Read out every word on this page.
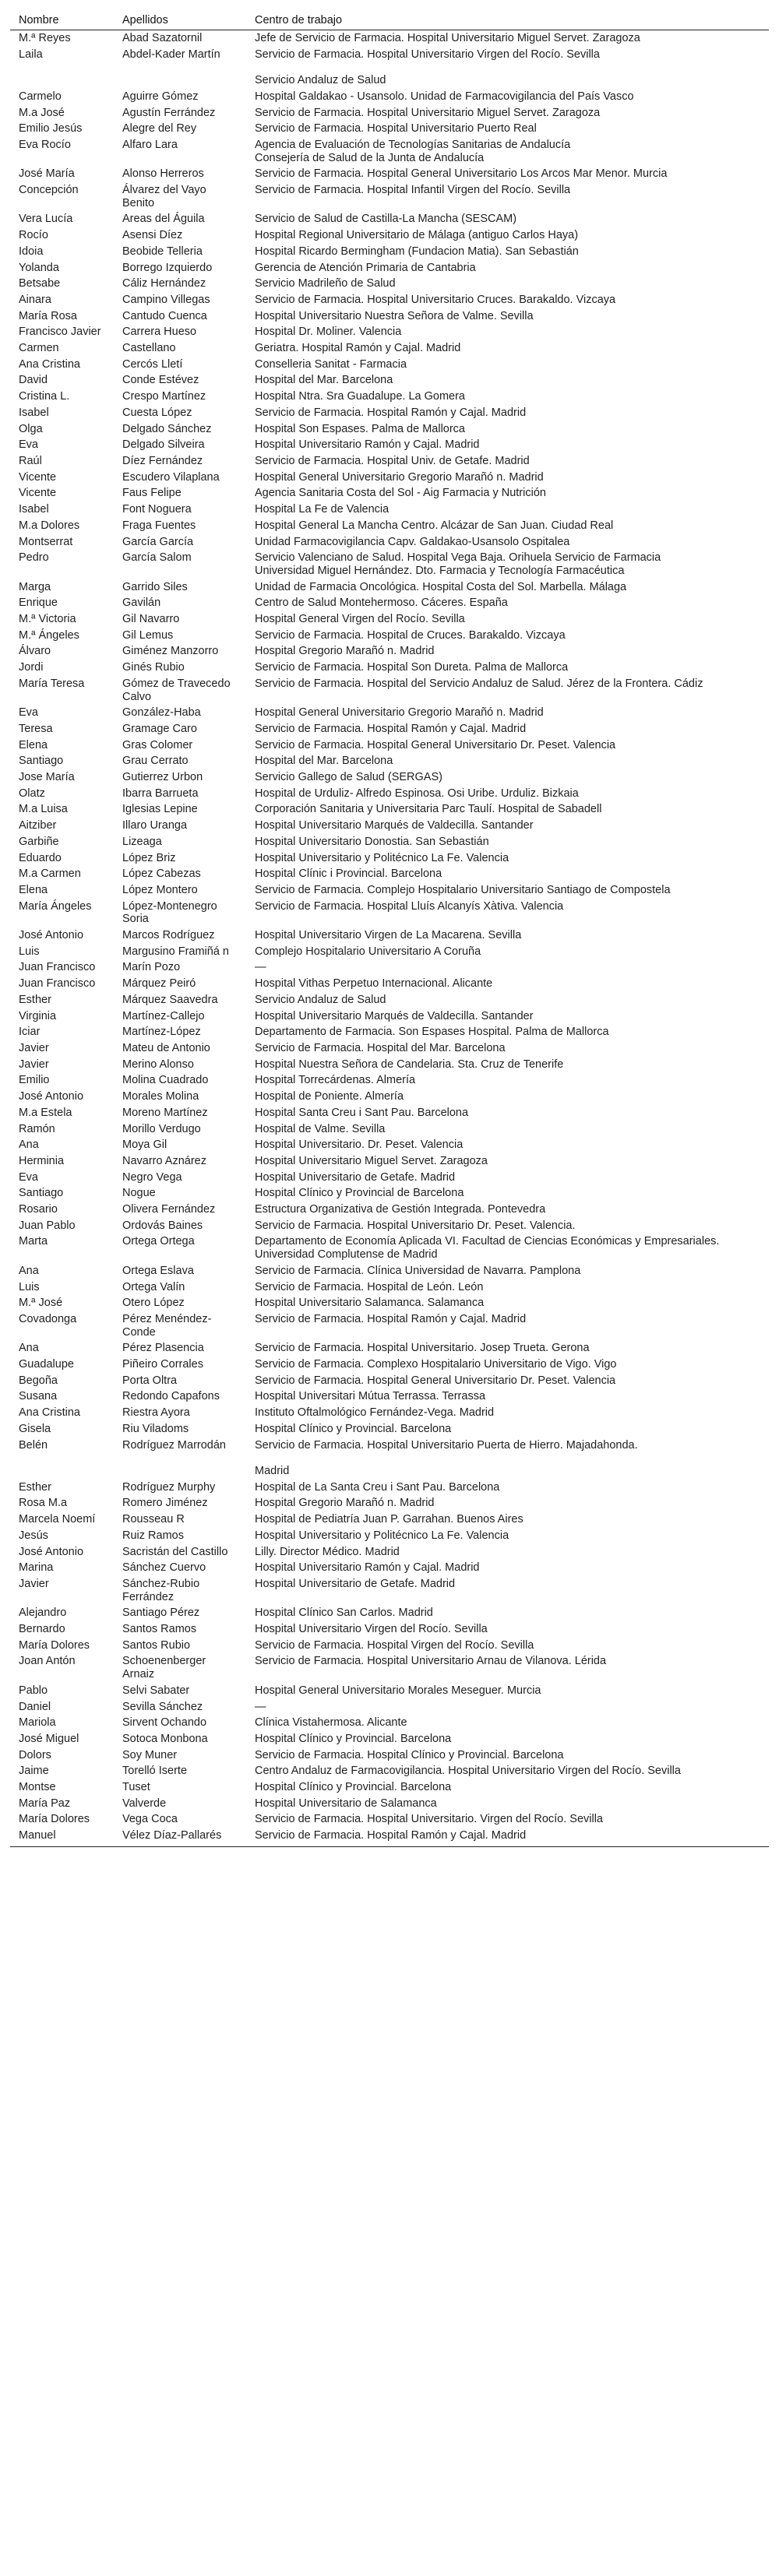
Nombre	Apellidos	Centro de trabajo
M.ª Reyes	Abad Sazatornil	Jefe de Servicio de Farmacia. Hospital Universitario Miguel Servet. Zaragoza
Laila	Abdel-Kader Martín	Servicio de Farmacia. Hospital Universitario Virgen del Rocío. Sevilla

Servicio Andaluz de Salud
Carmelo	Aguirre Gómez	Hospital Galdakao - Usansolo. Unidad de Farmacovigilancia del País Vasco
M.a José	Agustín Ferrández	Servicio de Farmacia. Hospital Universitario Miguel Servet. Zaragoza
Emilio Jesús	Alegre del Rey	Servicio de Farmacia. Hospital Universitario Puerto Real
Eva Rocío	Alfaro Lara	Agencia de Evaluación de Tecnologías Sanitarias de Andalucía
Consejería de Salud de la Junta de Andalucía
José María	Alonso Herreros	Servicio de Farmacia. Hospital General Universitario Los Arcos Mar Menor. Murcia
Concepción	Álvarez del Vayo Benito	Servicio de Farmacia. Hospital Infantil Virgen del Rocío. Sevilla
Vera Lucía	Areas del Águila	Servicio de Salud de Castilla-La Mancha (SESCAM)
Rocío	Asensi Díez	Hospital Regional Universitario de Málaga (antiguo Carlos Haya)
Idoia	Beobide Telleria	Hospital Ricardo Bermingham (Fundacion Matia). San Sebastián
Yolanda	Borrego Izquierdo	Gerencia de Atención Primaria de Cantabria
Betsabe	Cáliz Hernández	Servicio Madrileño de Salud
Ainara	Campino Villegas	Servicio de Farmacia. Hospital Universitario Cruces. Barakaldo. Vizcaya
María Rosa	Cantudo Cuenca	Hospital Universitario Nuestra Señora de Valme. Sevilla
Francisco Javier	Carrera Hueso	Hospital Dr. Moliner. Valencia
Carmen	Castellano	Geriatra. Hospital Ramón y Cajal. Madrid
Ana Cristina	Cercós Lletí	Conselleria Sanitat - Farmacia
David	Conde Estévez	Hospital del Mar. Barcelona
Cristina L.	Crespo Martínez	Hospital Ntra. Sra Guadalupe. La Gomera
Isabel	Cuesta López	Servicio de Farmacia. Hospital Ramón y Cajal. Madrid
Olga	Delgado Sánchez	Hospital Son Espases. Palma de Mallorca
Eva	Delgado Silveira	Hospital Universitario Ramón y Cajal. Madrid
Raúl	Díez Fernández	Servicio de Farmacia. Hospital Univ. de Getafe. Madrid
Vicente	Escudero Vilaplana	Hospital General Universitario Gregorio Marañó n. Madrid
Vicente	Faus Felipe	Agencia Sanitaria Costa del Sol - Aig Farmacia y Nutrición
Isabel	Font Noguera	Hospital La Fe de Valencia
M.a Dolores	Fraga Fuentes	Hospital General La Mancha Centro. Alcázar de San Juan. Ciudad Real
Montserrat	García García	Unidad Farmacovigilancia Capv. Galdakao-Usansolo Ospitalea
Pedro	García Salom	Servicio Valenciano de Salud. Hospital Vega Baja. Orihuela Servicio de Farmacia
Universidad Miguel Hernández. Dto. Farmacia y Tecnología Farmacéutica
Marga	Garrido Siles	Unidad de Farmacia Oncológica. Hospital Costa del Sol. Marbella. Málaga
Enrique	Gavilán	Centro de Salud Montehermoso. Cáceres. España
M.ª Victoria	Gil Navarro	Hospital General Virgen del Rocío. Sevilla
M.ª Ángeles	Gil Lemus	Servicio de Farmacia. Hospital de Cruces. Barakaldo. Vizcaya
Álvaro	Giménez Manzorro	Hospital Gregorio Marañó n. Madrid
Jordi	Ginés Rubio	Servicio de Farmacia. Hospital Son Dureta. Palma de Mallorca
María Teresa	Gómez de Travecedo Calvo	Servicio de Farmacia. Hospital del Servicio Andaluz de Salud. Jérez de la Frontera. Cádiz
Eva	González-Haba	Hospital General Universitario Gregorio Marañó n. Madrid
Teresa	Gramage Caro	Servicio de Farmacia. Hospital Ramón y Cajal. Madrid
Elena	Gras Colomer	Servicio de Farmacia. Hospital General Universitario Dr. Peset. Valencia
Santiago	Grau Cerrato	Hospital del Mar. Barcelona
Jose María	Gutierrez Urbon	Servicio Gallego de Salud (SERGAS)
Olatz	Ibarra Barrueta	Hospital de Urduliz- Alfredo Espinosa. Osi Uribe. Urduliz. Bizkaia
M.a Luisa	Iglesias Lepine	Corporación Sanitaria y Universitaria Parc Taulí. Hospital de Sabadell
Aitziber	Illaro Uranga	Hospital Universitario Marqués de Valdecilla. Santander
Garbiñe	Lizeaga	Hospital Universitario Donostia. San Sebastián
Eduardo	López Briz	Hospital Universitario y Politécnico La Fe. Valencia
M.a Carmen	López Cabezas	Hospital Clínic i Provincial. Barcelona
Elena	López Montero	Servicio de Farmacia. Complejo Hospitalario Universitario Santiago de Compostela
María Ángeles	López-Montenegro Soria	Servicio de Farmacia. Hospital Lluís Alcanyís Xàtiva. Valencia
José Antonio	Marcos Rodríguez	Hospital Universitario Virgen de La Macarena. Sevilla
Luis	Margusino Framiñá n	Complejo Hospitalario Universitario A Coruña
Juan Francisco	Marín Pozo	—
Juan Francisco	Márquez Peiró	Hospital Vithas Perpetuo Internacional. Alicante
Esther	Márquez Saavedra	Servicio Andaluz de Salud
Virginia	Martínez-Callejo	Hospital Universitario Marqués de Valdecilla. Santander
Iciar	Martínez-López	Departamento de Farmacia. Son Espases Hospital. Palma de Mallorca
Javier	Mateu de Antonio	Servicio de Farmacia. Hospital del Mar. Barcelona
Javier	Merino Alonso	Hospital Nuestra Señora de Candelaria. Sta. Cruz de Tenerife
Emilio	Molina Cuadrado	Hospital Torrecárdenas. Almería
José Antonio	Morales Molina	Hospital de Poniente. Almería
M.a Estela	Moreno Martínez	Hospital Santa Creu i Sant Pau. Barcelona
Ramón	Morillo Verdugo	Hospital de Valme. Sevilla
Ana	Moya Gil	Hospital Universitario. Dr. Peset. Valencia
Herminia	Navarro Aznárez	Hospital Universitario Miguel Servet. Zaragoza
Eva	Negro Vega	Hospital Universitario de Getafe. Madrid
Santiago	Nogue	Hospital Clínico y Provincial de Barcelona
Rosario	Olivera Fernández	Estructura Organizativa de Gestión Integrada. Pontevedra
Juan Pablo	Ordovás Baines	Servicio de Farmacia. Hospital Universitario Dr. Peset. Valencia.
Marta	Ortega Ortega	Departamento de Economía Aplicada VI. Facultad de Ciencias Económicas y Empresariales. Universidad Complutense de Madrid
Ana	Ortega Eslava	Servicio de Farmacia. Clínica Universidad de Navarra. Pamplona
Luis	Ortega Valín	Servicio de Farmacia. Hospital de León. León
M.ª José	Otero López	Hospital Universitario Salamanca. Salamanca
Covadonga	Pérez Menéndez-Conde	Servicio de Farmacia. Hospital Ramón y Cajal. Madrid
Ana	Pérez Plasencia	Servicio de Farmacia. Hospital Universitario. Josep Trueta. Gerona
Guadalupe	Piñeiro Corrales	Servicio de Farmacia. Complexo Hospitalario Universitario de Vigo. Vigo
Begoña	Porta Oltra	Servicio de Farmacia. Hospital General Universitario Dr. Peset. Valencia
Susana	Redondo Capafons	Hospital Universitari Mútua Terrassa. Terrassa
Ana Cristina	Riestra Ayora	Instituto Oftalmológico Fernández-Vega. Madrid
Gisela	Riu Viladoms	Hospital Clínico y Provincial. Barcelona
Belén	Rodríguez Marrodán	Servicio de Farmacia. Hospital Universitario Puerta de Hierro. Majadahonda.

Madrid
Esther	Rodríguez Murphy	Hospital de La Santa Creu i Sant Pau. Barcelona
Rosa M.a	Romero Jiménez	Hospital Gregorio Marañó n. Madrid
Marcela Noemí	Rousseau R	Hospital de Pediatría Juan P. Garrahan. Buenos Aires
Jesús	Ruiz Ramos	Hospital Universitario y Politécnico La Fe. Valencia
José Antonio	Sacristán del Castillo	Lilly. Director Médico. Madrid
Marina	Sánchez Cuervo	Hospital Universitario Ramón y Cajal. Madrid
Javier	Sánchez-Rubio Ferrández	Hospital Universitario de Getafe. Madrid
Alejandro	Santiago Pérez	Hospital Clínico San Carlos. Madrid
Bernardo	Santos Ramos	Hospital Universitario Virgen del Rocío. Sevilla
María Dolores	Santos Rubio	Servicio de Farmacia. Hospital Virgen del Rocío. Sevilla
Joan Antón	Schoenenberger Arnaiz	Servicio de Farmacia. Hospital Universitario Arnau de Vilanova. Lérida
Pablo	Selvi Sabater	Hospital General Universitario Morales Meseguer. Murcia
Daniel	Sevilla Sánchez	—
Mariola	Sirvent Ochando	Clínica Vistahermosa. Alicante
José Miguel	Sotoca Monbona	Hospital Clínico y Provincial. Barcelona
Dolors	Soy Muner	Servicio de Farmacia. Hospital Clínico y Provincial. Barcelona
Jaime	Torelló Iserte	Centro Andaluz de Farmacovigilancia. Hospital Universitario Virgen del Rocío. Sevilla
Montse	Tuset	Hospital Clínico y Provincial. Barcelona
María Paz	Valverde	Hospital Universitario de Salamanca
María Dolores	Vega Coca	Servicio de Farmacia. Hospital Universitario. Virgen del Rocío. Sevilla
Manuel	Vélez Díaz-Pallarés	Servicio de Farmacia. Hospital Ramón y Cajal. Madrid
